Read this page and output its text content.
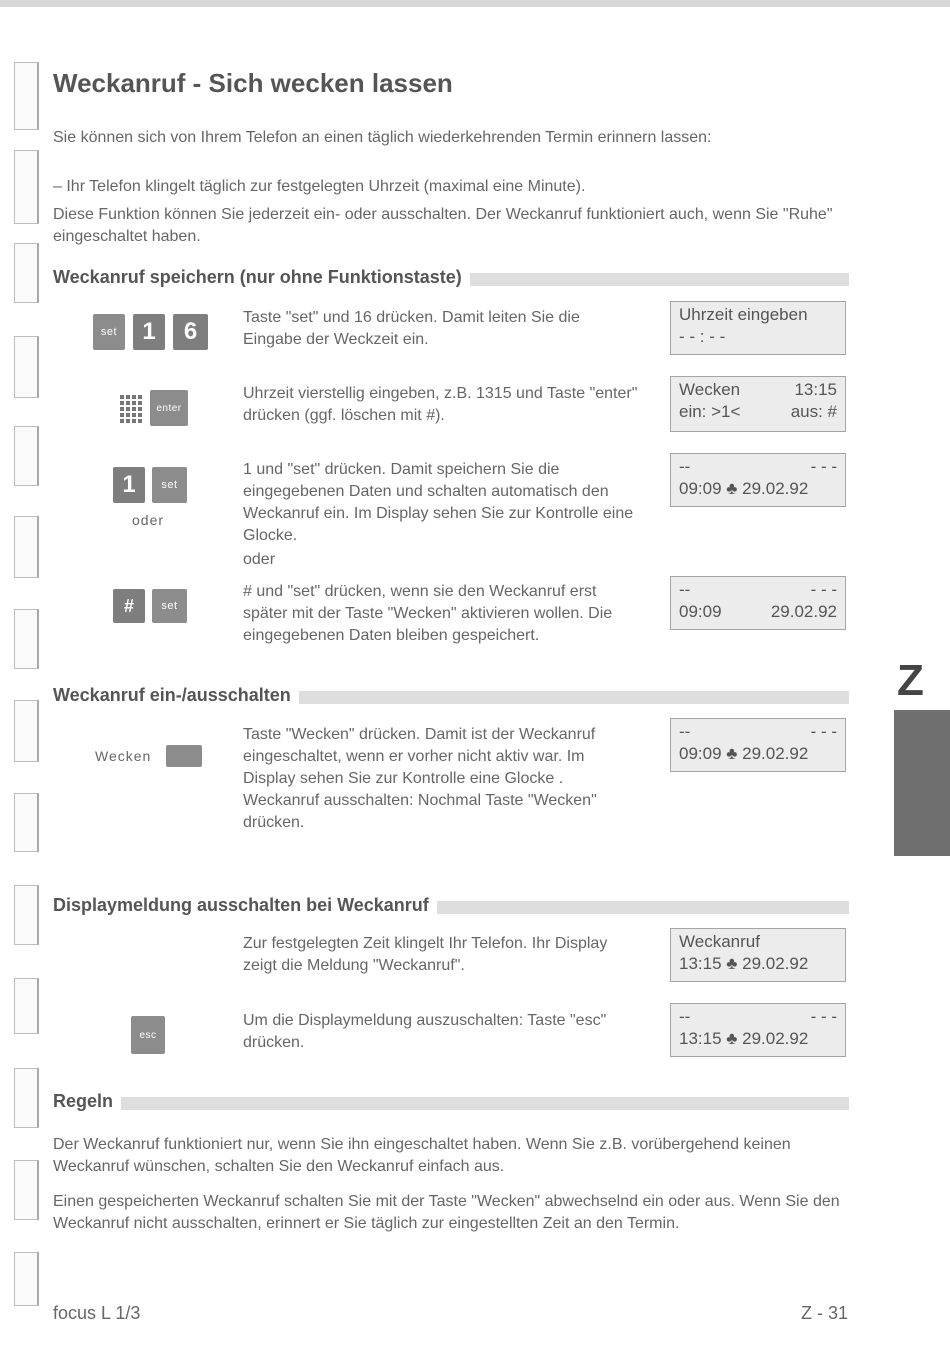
Weckanruf - Sich wecken lassen

Sie können sich von Ihrem Telefon an einen täglich wiederkehrenden Termin erinnern lassen:

– Ihr Telefon klingelt täglich zur festgelegten Uhrzeit (maximal eine Minute).

Diese Funktion können Sie jederzeit ein- oder ausschalten. Der Weckanruf funktioniert auch, wenn Sie "Ruhe" eingeschaltet haben.

Weckanruf speichern (nur ohne Funktionstaste)
set	1	6

Taste "set" und 16 drücken. Damit leiten Sie die Eingabe der Weckzeit ein.

Uhrzeit eingeben
- - : - -
enter

Uhrzeit vierstellig eingeben, z.B. 1315 und Taste "enter" drücken (ggf. löschen mit #).

Wecken	13:15
ein: >1<	aus: #
1	set
oder

1 und "set" drücken. Damit speichern Sie die eingegebenen Daten und schalten automatisch den Weckanruf ein. Im Display sehen Sie zur Kontrolle eine Glocke.

oder

--	- - -
09:09 ♣ 29.02.92
#	set

# und "set" drücken, wenn sie den Weckanruf erst später mit der Taste "Wecken" aktivieren wollen. Die eingegebenen Daten bleiben gespeichert.

--	- - -
09:09	29.02.92
Weckanruf ein-/ausschalten
Wecken

Taste "Wecken" drücken. Damit ist der Weckanruf eingeschaltet, wenn er vorher nicht aktiv war. Im Display sehen Sie zur Kontrolle eine Glocke . Weckanruf ausschalten: Nochmal Taste "Wecken" drücken.

--	- - -
09:09 ♣ 29.02.92
Displaymeldung ausschalten bei Weckanruf

Zur festgelegten Zeit klingelt Ihr Telefon. Ihr Display zeigt die Meldung "Weckanruf".

Weckanruf
13:15 ♣ 29.02.92
esc

Um die Displaymeldung auszuschalten: Taste "esc" drücken.

--	- - -
13:15 ♣ 29.02.92
Regeln

Der Weckanruf funktioniert nur, wenn Sie ihn eingeschaltet haben. Wenn Sie z.B. vorübergehend keinen Weckanruf wünschen, schalten Sie den Weckanruf einfach aus.

Einen gespeicherten Weckanruf schalten Sie mit der Taste "Wecken" abwechselnd ein oder aus. Wenn Sie den Weckanruf nicht ausschalten, erinnert er Sie täglich zur eingestellten Zeit an den Termin.

Z
focus L 1/3	Z - 31
